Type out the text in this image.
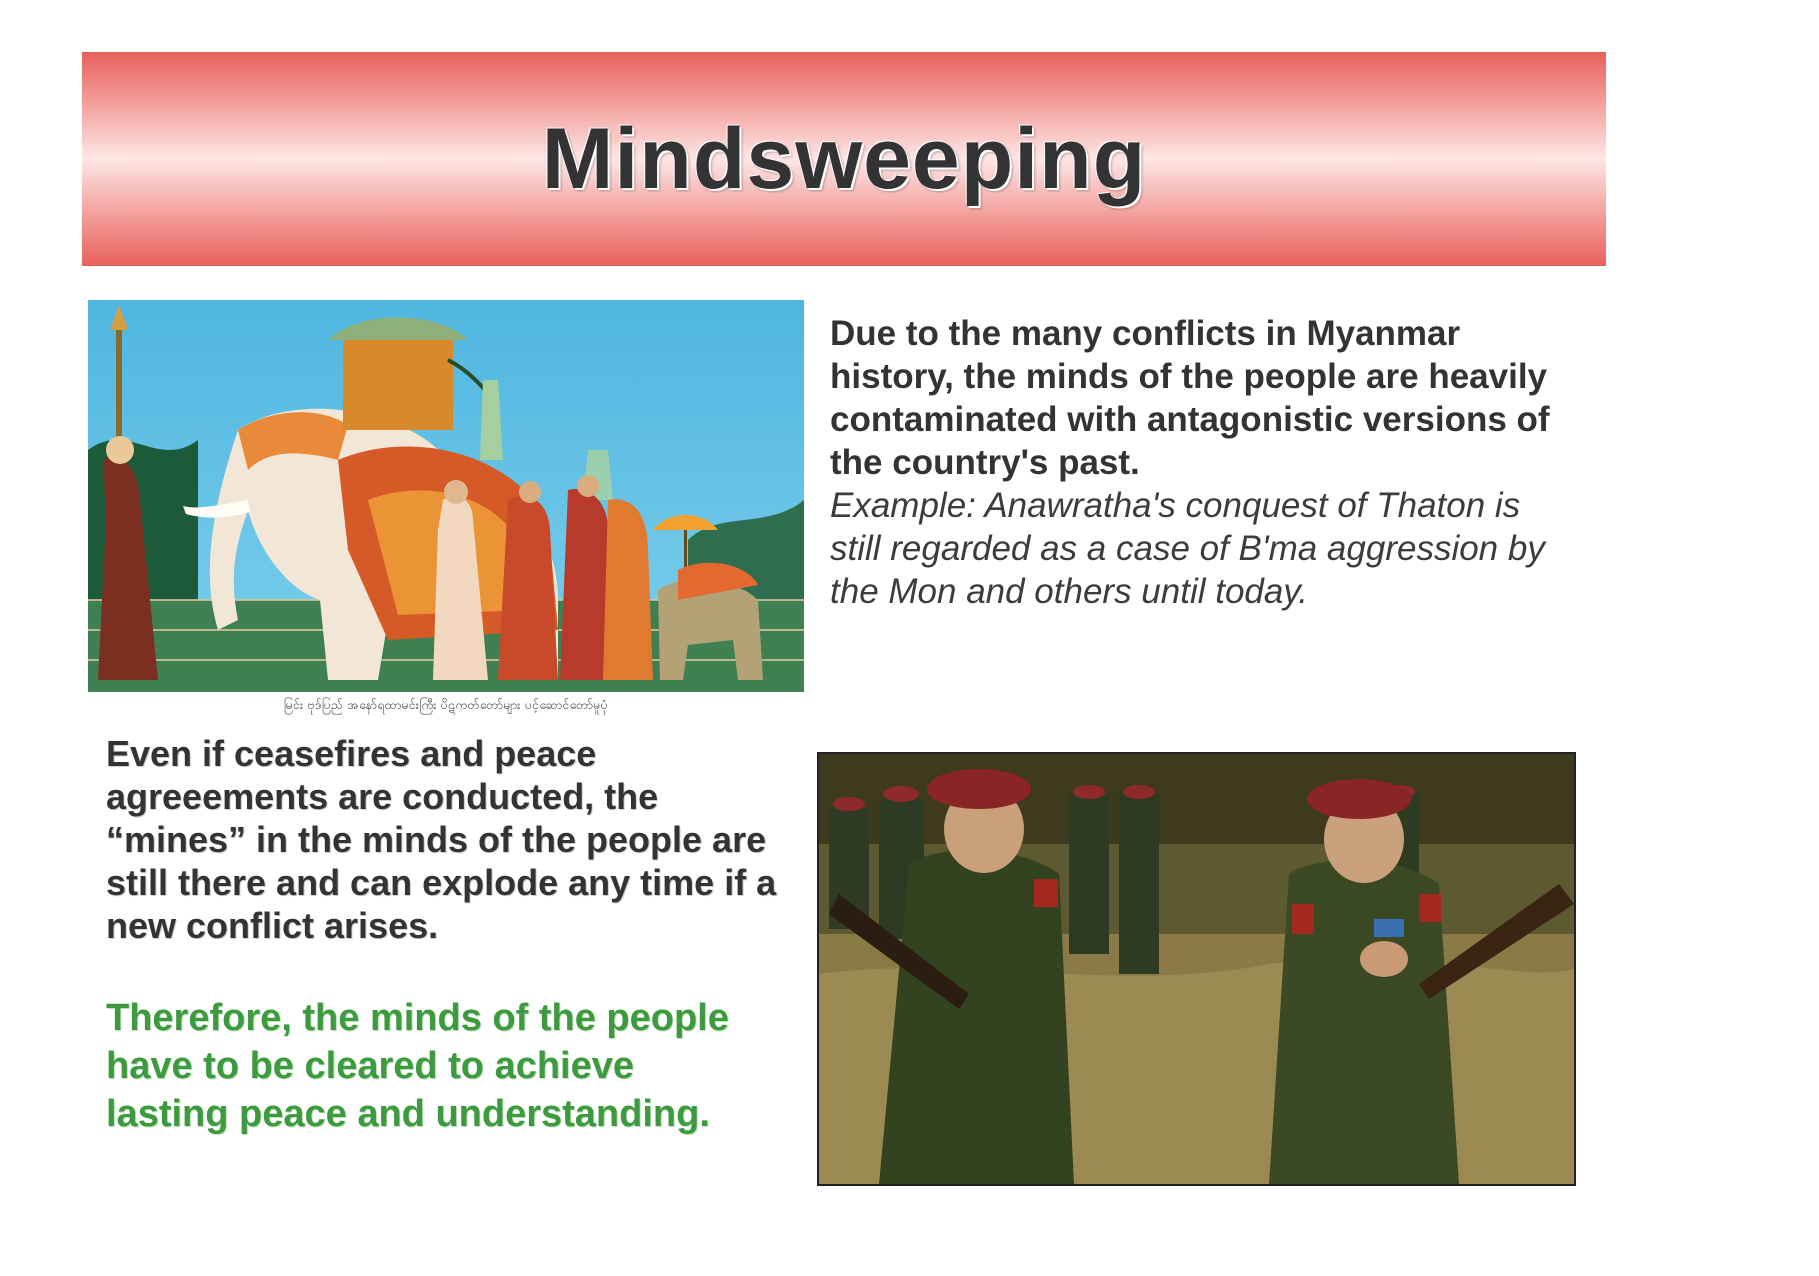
Mindsweeping
မြင်း ဗုဒ်ပြည် အနော်ရထာမင်းကြီး ပိဋကတ်တော်များ ပင့်ဆောင်တော်မူပုံ
Due to the many conflicts in Myanmar history, the minds of the people are heavily contaminated with antagonistic versions of the country's past.
Example: Anawratha's conquest of Thaton is still regarded as a case of B'ma aggression by the Mon and others until today.
Even if ceasefires and peace agreeements are conducted, the “mines” in the minds of the people are still there and can explode any time if a new conflict arises.
Therefore, the minds of the people have to be cleared to achieve lasting peace and understanding.
